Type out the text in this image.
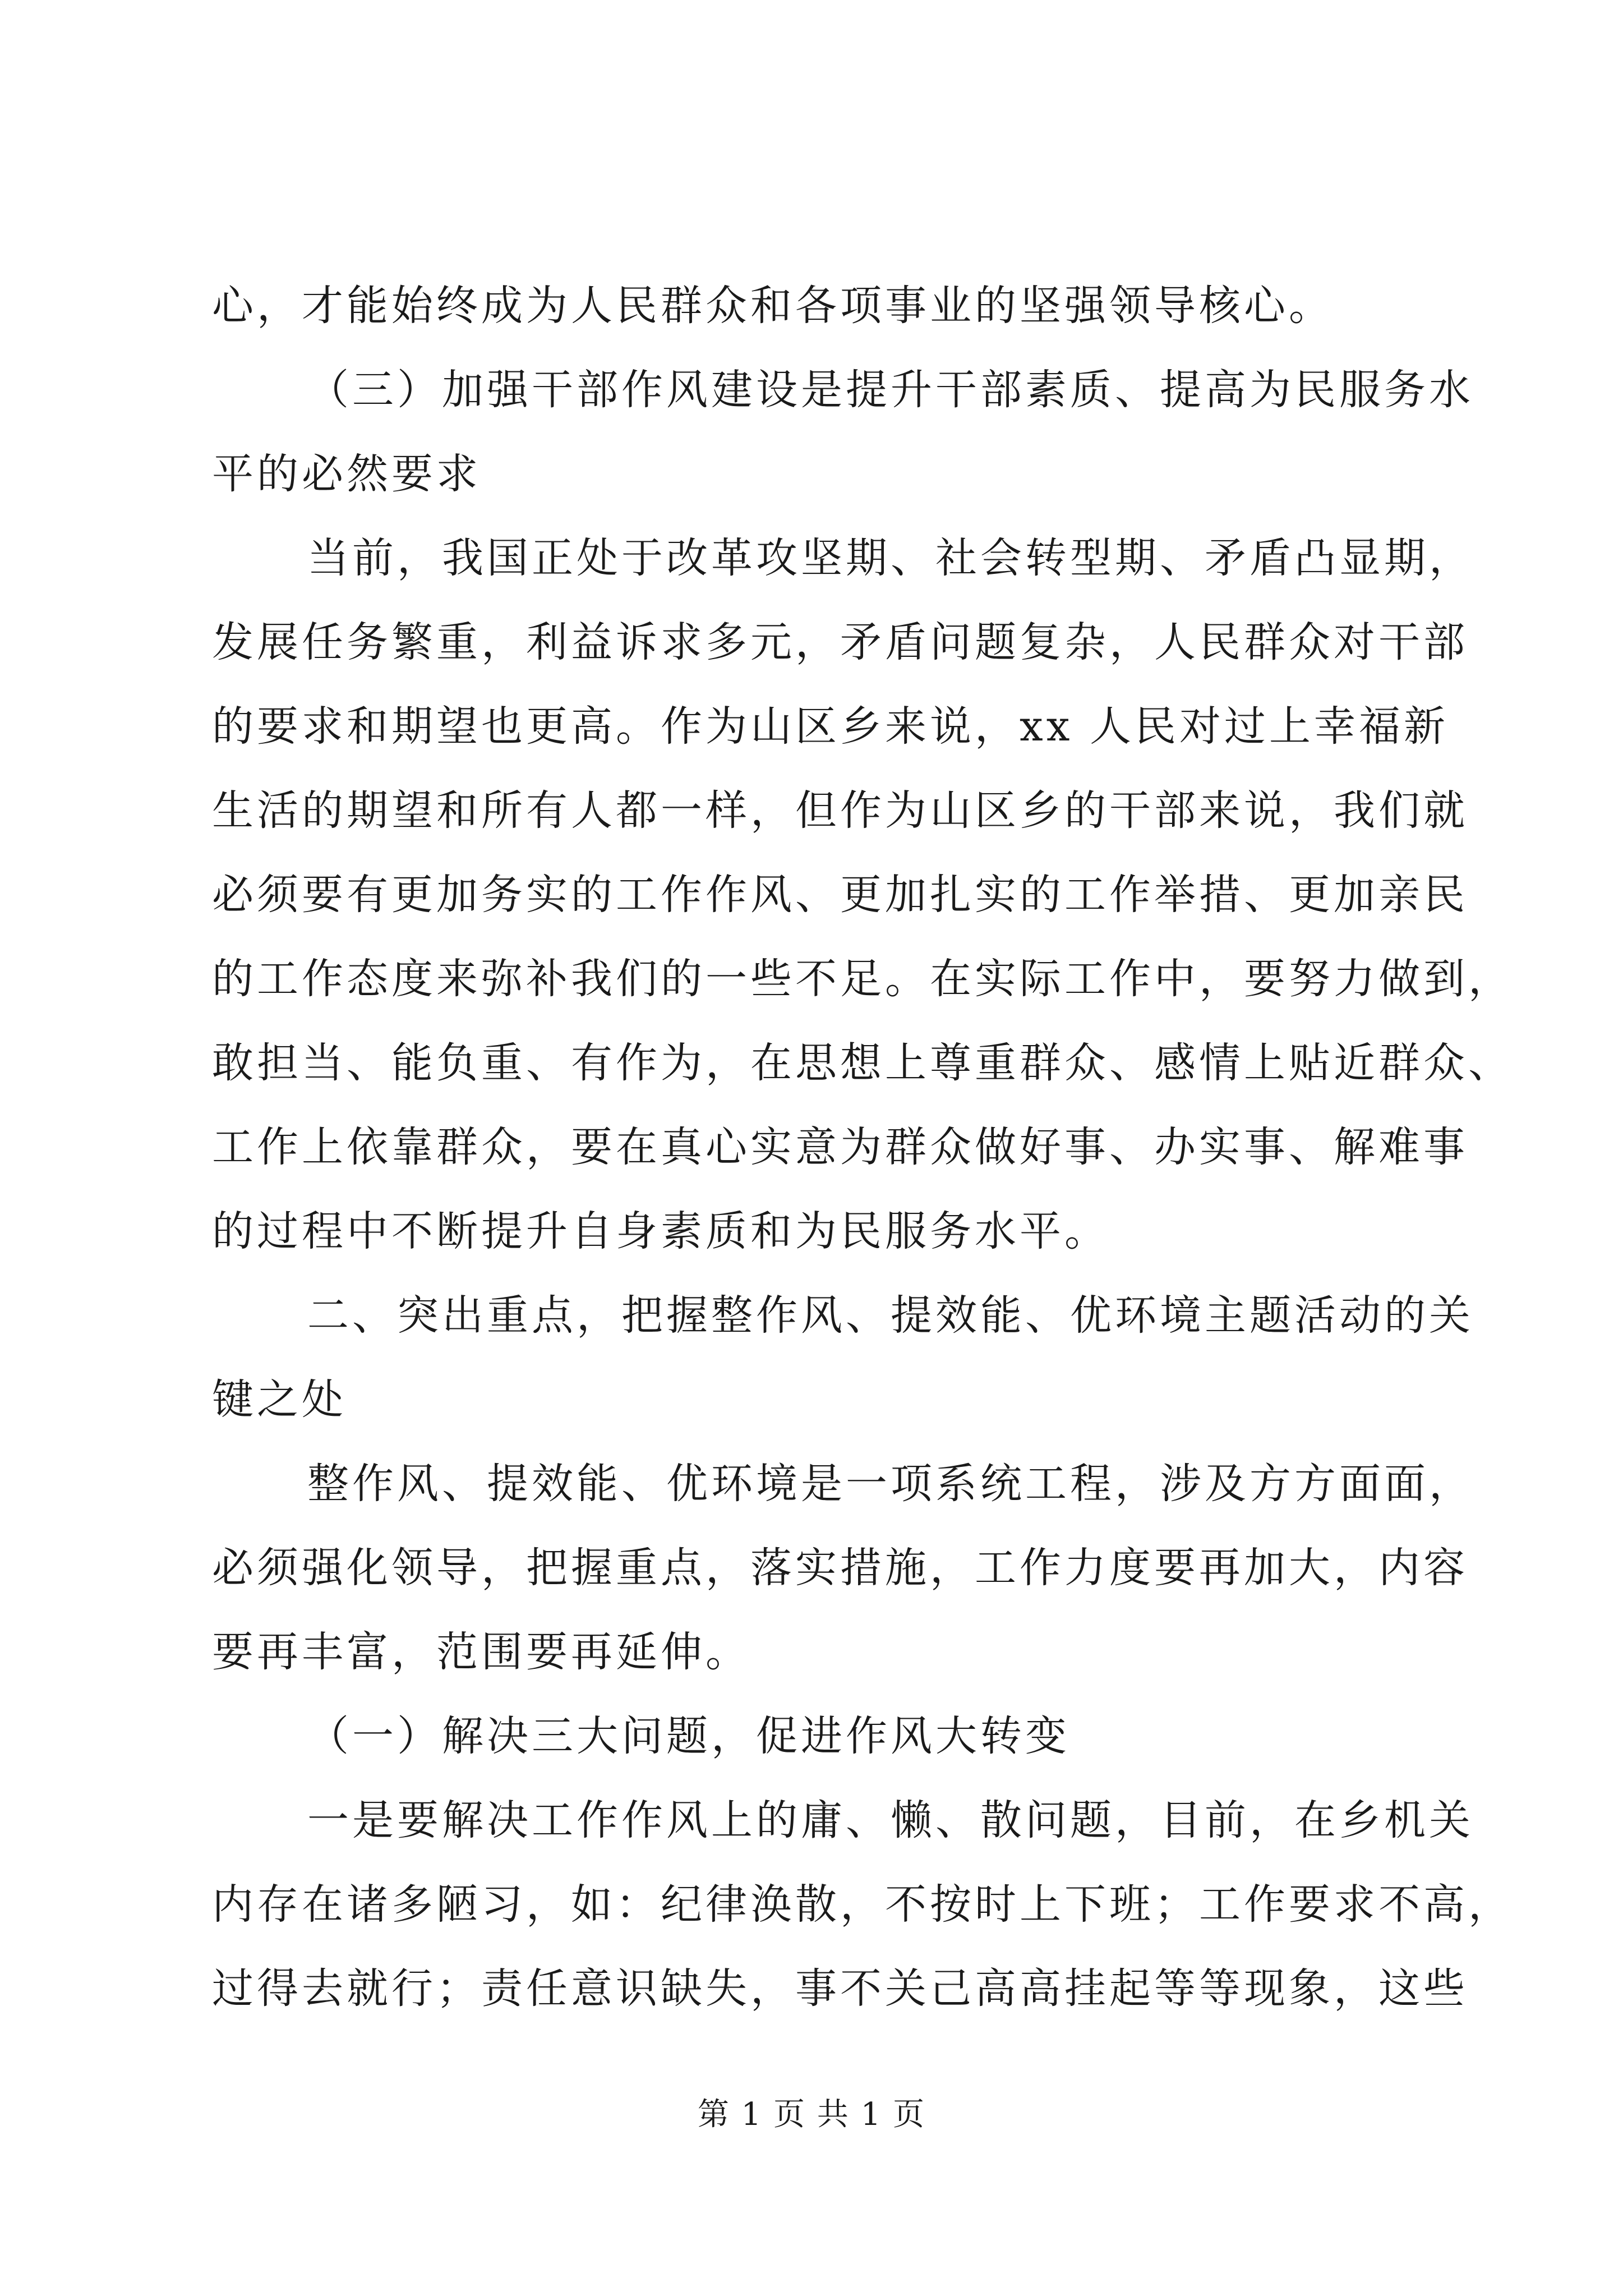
心，才能始终成为人民群众和各项事业的坚强领导核心。
（三）加强干部作风建设是提升干部素质、提高为民服务水
平的必然要求
当前，我国正处于改革攻坚期、社会转型期、矛盾凸显期，
发展任务繁重，利益诉求多元，矛盾问题复杂，人民群众对干部
的要求和期望也更高。作为山区乡来说，xx 人民对过上幸福新
生活的期望和所有人都一样，但作为山区乡的干部来说，我们就
必须要有更加务实的工作作风、更加扎实的工作举措、更加亲民
的工作态度来弥补我们的一些不足。在实际工作中，要努力做到，
敢担当、能负重、有作为，在思想上尊重群众、感情上贴近群众、
工作上依靠群众，要在真心实意为群众做好事、办实事、解难事
的过程中不断提升自身素质和为民服务水平。
二、突出重点，把握整作风、提效能、优环境主题活动的关
键之处
整作风、提效能、优环境是一项系统工程，涉及方方面面，
必须强化领导，把握重点，落实措施，工作力度要再加大，内容
要再丰富，范围要再延伸。
（一）解决三大问题，促进作风大转变
一是要解决工作作风上的庸、懒、散问题，目前，在乡机关
内存在诸多陋习，如：纪律涣散，不按时上下班；工作要求不高，
过得去就行；责任意识缺失，事不关己高高挂起等等现象，这些
第 1 页 共 1 页
